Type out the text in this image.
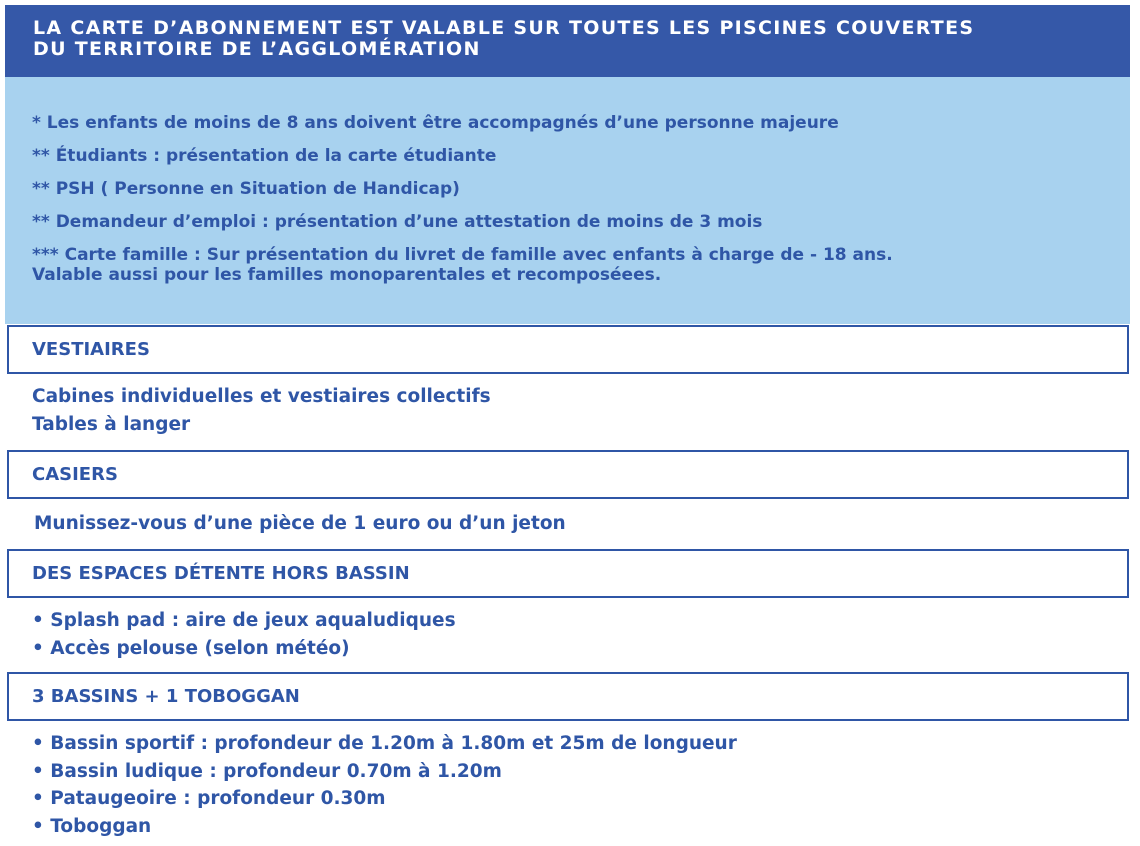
LA CARTE D’ABONNEMENT EST VALABLE SUR TOUTES LES PISCINES COUVERTES
DU TERRITOIRE DE L’AGGLOMÉRATION
* Les enfants de moins de 8 ans doivent être accompagnés d’une personne majeure
** Étudiants : présentation de la carte étudiante
** PSH ( Personne en Situation de Handicap)
** Demandeur d’emploi : présentation d’une attestation de moins de 3 mois
*** Carte famille : Sur présentation du livret de famille avec enfants à charge de - 18 ans.
Valable aussi pour les familles monoparentales et recomposéees.
VESTIAIRES
Cabines individuelles et vestiaires collectifs
Tables à langer
CASIERS
Munissez-vous d’une pièce de 1 euro ou d’un jeton
DES ESPACES DÉTENTE HORS BASSIN
• Splash pad : aire de jeux aqualudiques
• Accès pelouse (selon météo)
3 BASSINS + 1 TOBOGGAN
• Bassin sportif : profondeur de 1.20m à 1.80m et 25m de longueur
• Bassin ludique : profondeur 0.70m à 1.20m
• Pataugeoire : profondeur 0.30m
• Toboggan
